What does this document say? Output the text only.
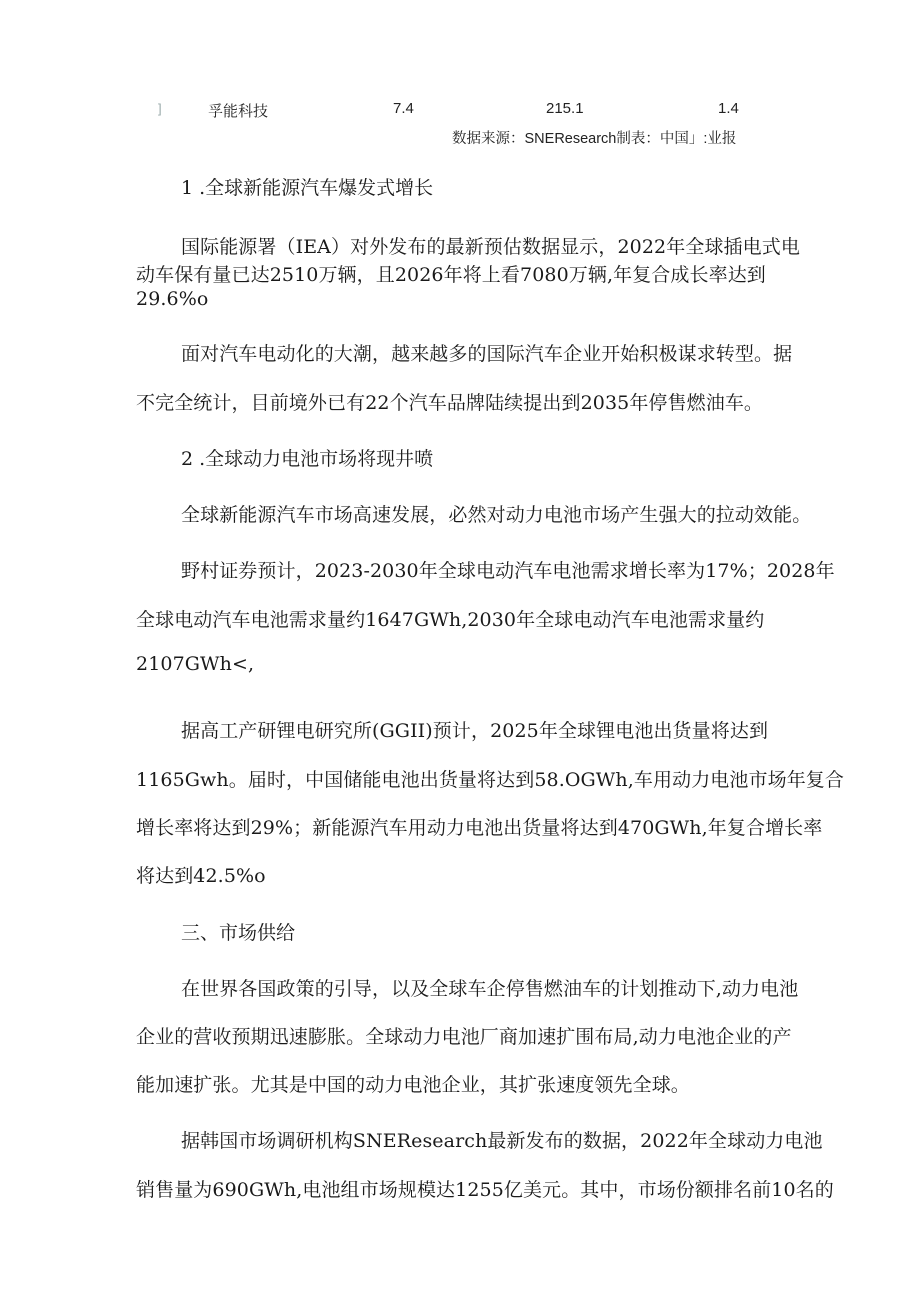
]	孚能科技	7.4	215.1	1.4
数据来源：SNEResearch制表：中国」:业报
1 .全球新能源汽车爆发式增长
国际能源署（IEA）对外发布的最新预估数据显示，2022年全球插电式电
动车保有量已达2510万辆，且2026年将上看7080万辆,年复合成长率达到
29.6%o
面对汽车电动化的大潮，越来越多的国际汽车企业开始积极谋求转型。据
不完全统计，目前境外已有22个汽车品牌陆续提出到2035年停售燃油车。
2 .全球动力电池市场将现井喷
全球新能源汽车市场高速发展，必然对动力电池市场产生强大的拉动效能。
野村证券预计，2023-2030年全球电动汽车电池需求增长率为17%；2028年
全球电动汽车电池需求量约1647GWh,2030年全球电动汽车电池需求量约
2107GWh<,
据高工产研锂电研究所(GGII)预计，2025年全球锂电池出货量将达到
1165Gwh。届时，中国储能电池出货量将达到58.OGWh,车用动力电池市场年复合
增长率将达到29%；新能源汽车用动力电池出货量将达到470GWh,年复合增长率
将达到42.5%o
三、市场供给
在世界各国政策的引导，以及全球车企停售燃油车的计划推动下,动力电池
企业的营收预期迅速膨胀。全球动力电池厂商加速扩围布局,动力电池企业的产
能加速扩张。尤其是中国的动力电池企业，其扩张速度领先全球。
据韩国市场调研机构SNEResearch最新发布的数据，2022年全球动力电池
销售量为690GWh,电池组市场规模达1255亿美元。其中，市场份额排名前10名的
